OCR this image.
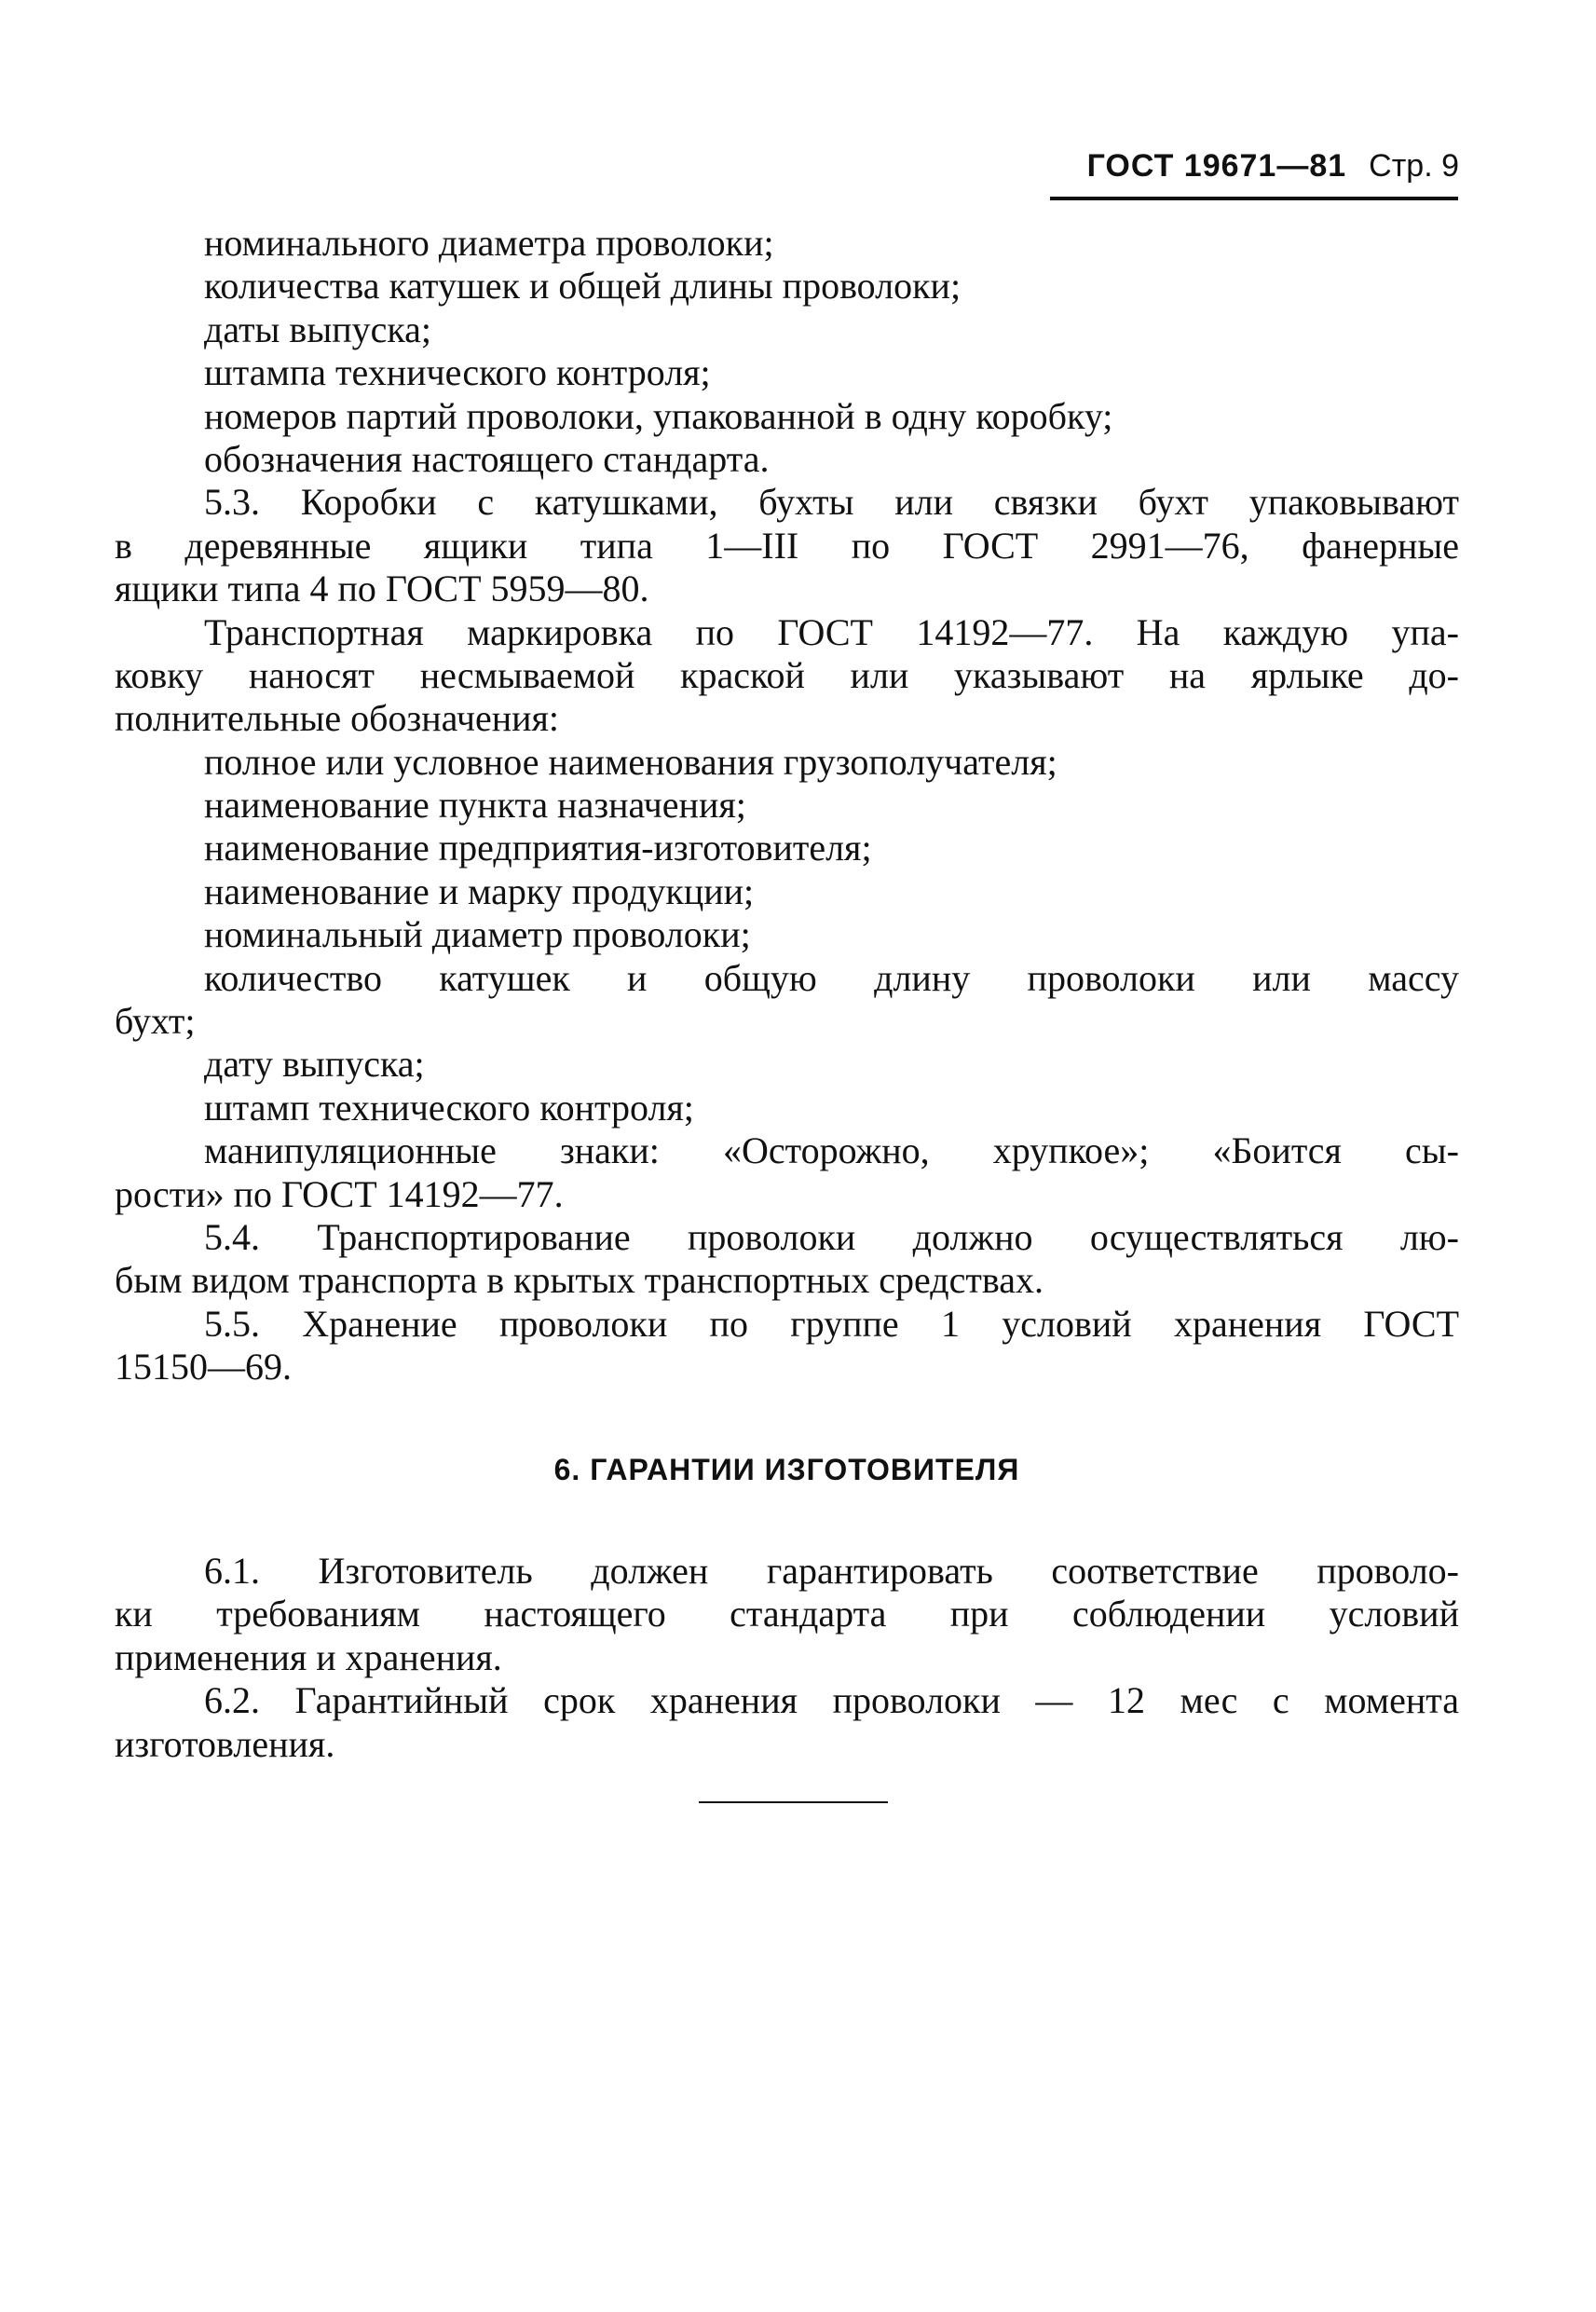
ГОСТ 19671—81 Стр. 9
номинального диаметра проволоки;
количества катушек и общей длины проволоки;
даты выпуска;
штампа технического контроля;
номеров партий проволоки, упакованной в одну коробку;
обозначения настоящего стандарта.
5.3. Коробки с катушками, бухты или связки бухт упаковывают
в деревянные ящики типа 1—III по ГОСТ 2991—76, фанерные
ящики типа 4 по ГОСТ 5959—80.
Транспортная маркировка по ГОСТ 14192—77. На каждую упа-
ковку наносят несмываемой краской или указывают на ярлыке до-
полнительные обозначения:
полное или условное наименования грузополучателя;
наименование пункта назначения;
наименование предприятия-изготовителя;
наименование и марку продукции;
номинальный диаметр проволоки;
количество катушек и общую длину проволоки или массу
бухт;
дату выпуска;
штамп технического контроля;
манипуляционные знаки: «Осторожно, хрупкое»; «Боится сы-
рости» по ГОСТ 14192—77.
5.4. Транспортирование проволоки должно осуществляться лю-
бым видом транспорта в крытых транспортных средствах.
5.5. Хранение проволоки по группе 1 условий хранения ГОСТ
15150—69.
6. ГАРАНТИИ ИЗГОТОВИТЕЛЯ
6.1. Изготовитель должен гарантировать соответствие проволо-
ки требованиям настоящего стандарта при соблюдении условий
применения и хранения.
6.2. Гарантийный срок хранения проволоки — 12 мес с момента
изготовления.
